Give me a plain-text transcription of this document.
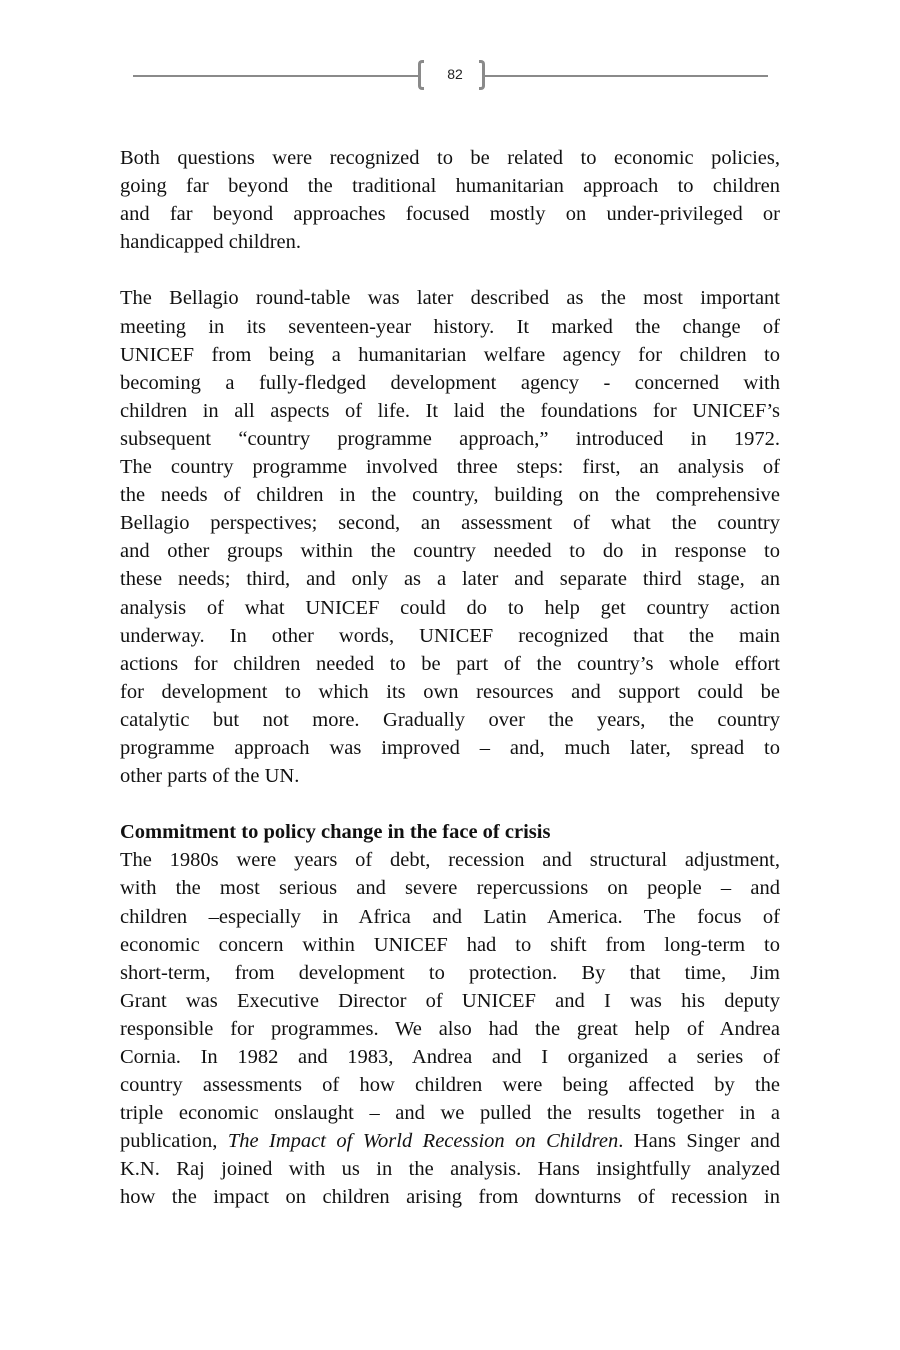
82
Both questions were recognized to be related to economic policies,
going far beyond the traditional humanitarian approach to children
and far beyond approaches focused mostly on under-privileged or
handicapped children.
The Bellagio round-table was later described as the most important
meeting in its seventeen-year history. It marked the change of
UNICEF from being a humanitarian welfare agency for children to
becoming a fully-fledged development agency - concerned with
children in all aspects of life. It laid the foundations for UNICEF’s
subsequent “country programme approach,” introduced in 1972.
The country programme involved three steps: first, an analysis of
the needs of children in the country, building on the comprehensive
Bellagio perspectives; second, an assessment of what the country
and other groups within the country needed to do in response to
these needs; third, and only as a later and separate third stage, an
analysis of what UNICEF could do to help get country action
underway. In other words, UNICEF recognized that the main
actions for children needed to be part of the country’s whole effort
for development to which its own resources and support could be
catalytic but not more. Gradually over the years, the country
programme approach was improved – and, much later, spread to
other parts of the UN.
Commitment to policy change in the face of crisis
The 1980s were years of debt, recession and structural adjustment,
with the most serious and severe repercussions on people – and
children –especially in Africa and Latin America. The focus of
economic concern within UNICEF had to shift from long-term to
short-term, from development to protection. By that time, Jim
Grant was Executive Director of UNICEF and I was his deputy
responsible for programmes. We also had the great help of Andrea
Cornia. In 1982 and 1983, Andrea and I organized a series of
country assessments of how children were being affected by the
triple economic onslaught – and we pulled the results together in a
publication, The Impact of World Recession on Children. Hans Singer and
K.N. Raj joined with us in the analysis. Hans insightfully analyzed
how the impact on children arising from downturns of recession in
